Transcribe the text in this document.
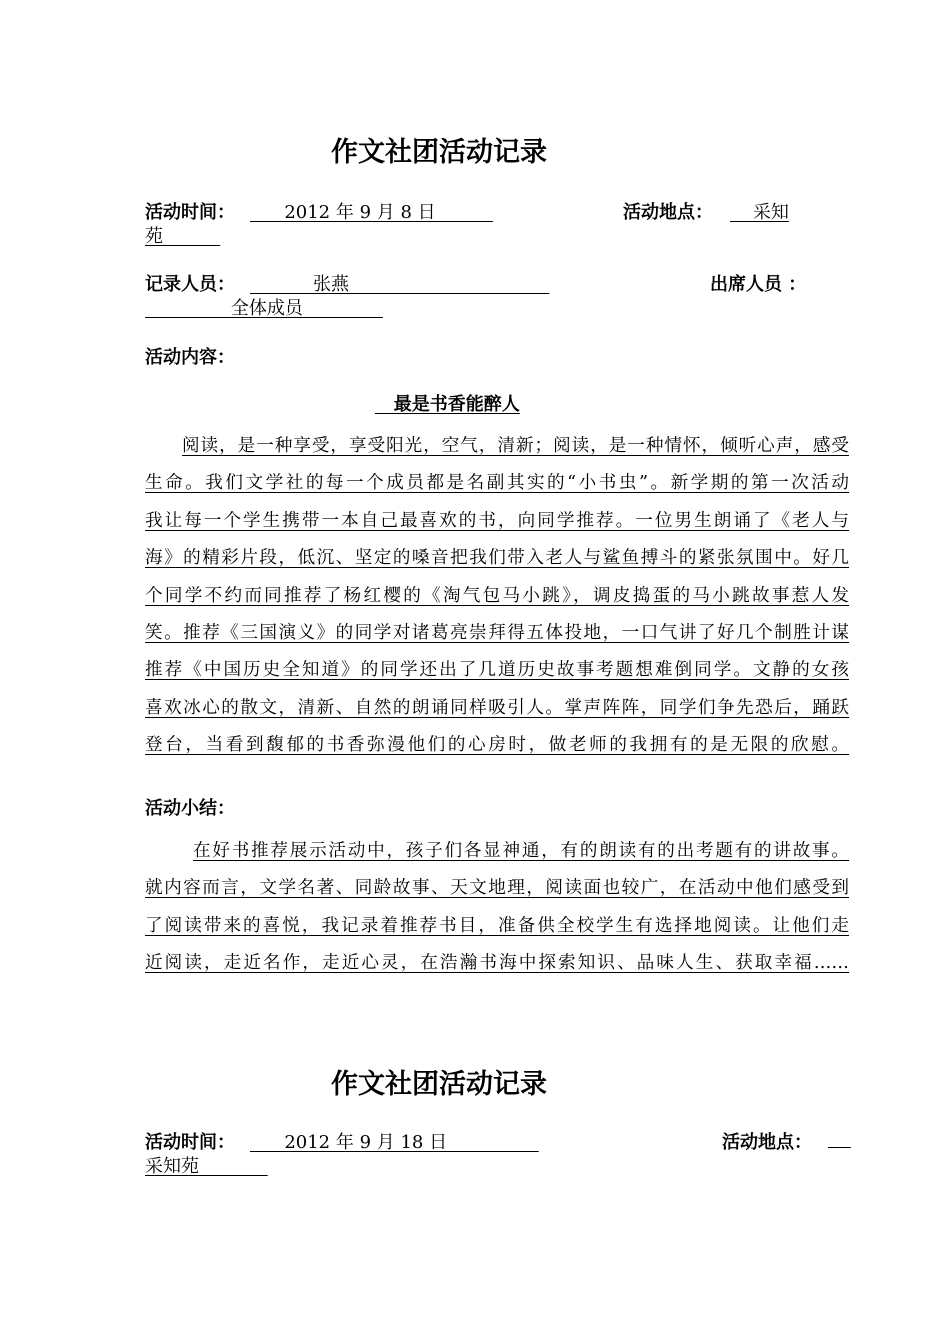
作文社团活动记录
活动时间： 2012 年 9 月 8 日	活动地点： 采知
苑
记录人员： 张燕	出席人员 ：
全体成员
活动内容：
最是书香能醉人
阅读，是一种享受，享受阳光，空气，清新；阅读，是一种情怀，倾听心声，感受
生命。我们文学社的每一个成员都是名副其实的“小书虫”。新学期的第一次活动
我让每一个学生携带一本自己最喜欢的书，向同学推荐。一位男生朗诵了《老人与
海》的精彩片段，低沉、坚定的嗓音把我们带入老人与鲨鱼搏斗的紧张氛围中。好几
个同学不约而同推荐了杨红樱的《淘气包马小跳》，调皮捣蛋的马小跳故事惹人发
笑。推荐《三国演义》的同学对诸葛亮崇拜得五体投地，一口气讲了好几个制胜计谋
推荐《中国历史全知道》的同学还出了几道历史故事考题想难倒同学。文静的女孩
喜欢冰心的散文，清新、自然的朗诵同样吸引人。掌声阵阵，同学们争先恐后，踊跃
登台，当看到馥郁的书香弥漫他们的心房时，做老师的我拥有的是无限的欣慰。
活动小结：
在好书推荐展示活动中，孩子们各显神通，有的朗读有的出考题有的讲故事。
就内容而言，文学名著、同龄故事、天文地理，阅读面也较广，在活动中他们感受到
了阅读带来的喜悦，我记录着推荐书目，准备供全校学生有选择地阅读。让他们走
近阅读，走近名作，走近心灵，在浩瀚书海中探索知识、品味人生、获取幸福……
作文社团活动记录
活动时间： 2012 年 9 月 18 日	活动地点：

采知苑
